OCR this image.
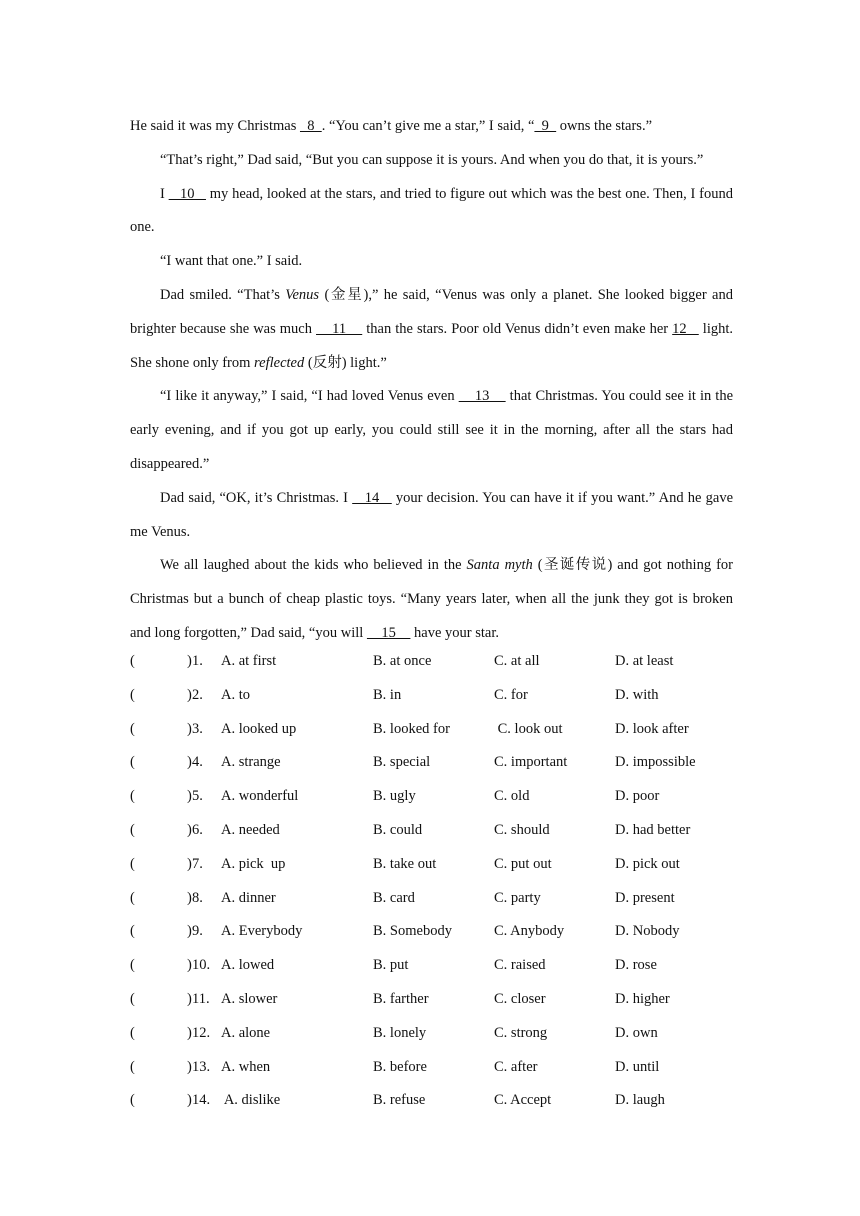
He said it was my Christmas   8  . “You can’t give me a star,” I said, “  9   owns the stars.”

“That’s right,” Dad said, “But you can suppose it is yours. And when you do that, it is yours.”

I    10    my head, looked at the stars, and tried to figure out which was the best one. Then, I found one.

“I want that one.” I said.

Dad smiled. “That’s Venus (金星),” he said, “Venus was only a planet. She looked bigger and brighter because she was much     11     than the stars. Poor old Venus didn’t even make her 12    light. She shone only from reflected (反射) light.”

“I like it anyway,” I said, “I had loved Venus even     13     that Christmas. You could see it in the early evening, and if you got up early, you could still see it in the morning, after all the stars had disappeared.”

Dad said, “OK, it’s Christmas. I    14    your decision. You can have it if you want.” And he gave me Venus.

We all laughed about the kids who believed in the Santa myth (圣诞传说) and got nothing for Christmas but a bunch of cheap plastic toys. “Many years later, when all the junk they got is broken and long forgotten,” Dad said, “you will     15     have your star.

(	) 1. A. at first	B. at once	C. at all	D. at least
(	) 2. A. to	B. in	C. for	D. with
(	) 3. A. looked up	B. looked for	C. look out	D. look after
(	) 4. A. strange	B. special	C. important	D. impossible
(	) 5. A. wonderful	B. ugly	C. old	D. poor
(	) 6. A. needed	B. could	C. should	D. had better
(	) 7. A. pick  up	B. take out	C. put out	D. pick out
(	) 8. A. dinner	B. card	C. party	D. present
(	) 9. A. Everybody	B. Somebody	C. Anybody	D. Nobody
(	) 10. A. lowed	B. put	C. raised	D. rose
(	) 11. A. slower	B. farther	C. closer	D. higher
(	) 12. A. alone	B. lonely	C. strong	D. own
(	) 13. A. when	B. before	C. after	D. until
(	) 14. A. dislike	B. refuse	C. Accept	D. laugh
